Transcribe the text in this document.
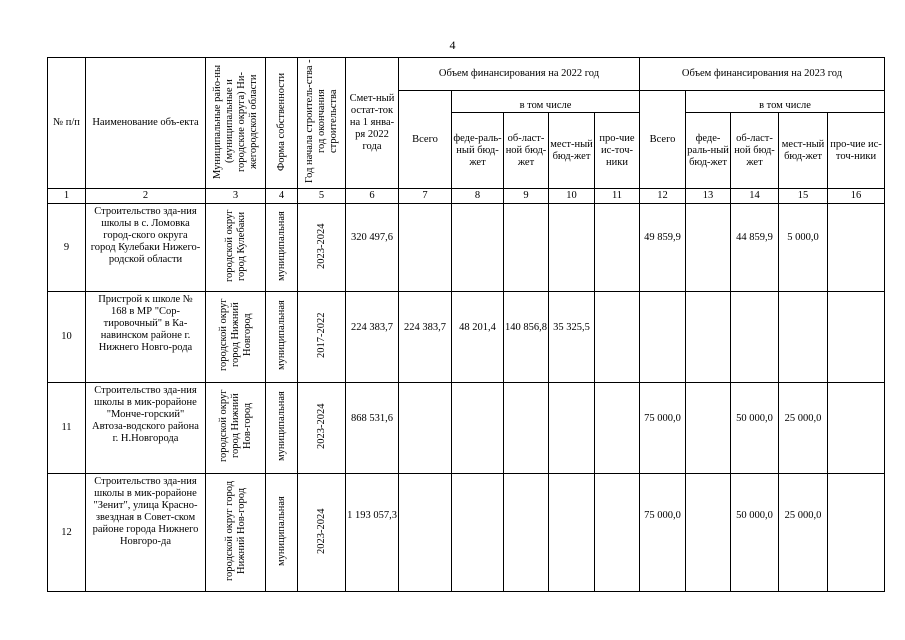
4
№ п/п	Наименование объ-екта	Муниципальные райо-ны (муниципальные и городские округа) Ни-жегородской области	Форма собственности	Год начала строитель-ства - год окончания строительства	Смет-ный остат-ток на 1 янва-ря 2022 года	Объем финансирования на 2022 год					Объем финансирования на 2023 год				
						Всего	в том числе				Всего	в том числе			
							феде-раль-ный бюд-жет	об-ласт-ной бюд-жет	мест-ный бюд-жет	про-чие ис-точ-ники		феде-раль-ный бюд-жет	об-ласт-ной бюд-жет	мест-ный бюд-жет	про-чие ис-точ-ники
1	2	3	4	5	6	7	8	9	10	11	12	13	14	15	16
9	Строительство зда-ния школы в с. Ломовка город-ского округа город Кулебаки Нижего-родской области	городской округ город Кулебаки	муниципальная	2023-2024	320 497,6						49 859,9		44 859,9	5 000,0	
10	Пристрой к школе № 168 в МР "Сор-тировочный" в Ка-навинском районе г. Нижнего Новго-рода	городской округ город Нижний Новгород	муниципальная	2017-2022	224 383,7	224 383,7	48 201,4	140 856,8	35 325,5						
11	Строительство зда-ния школы в мик-рорайоне "Мончe-горский" Автоза-водского района г. Н.Новгорода	городской округ город Нижний Нов-город	муниципальная	2023-2024	868 531,6						75 000,0		50 000,0	25 000,0	
12	Строительство зда-ния школы в мик-рорайоне "Зенит", улица Красно-звездная в Совет-ском районе города Нижнего Новгоро-да	городской округ город Нижний Нов-город	муниципальная	2023-2024	1 193 057,3						75 000,0		50 000,0	25 000,0	
